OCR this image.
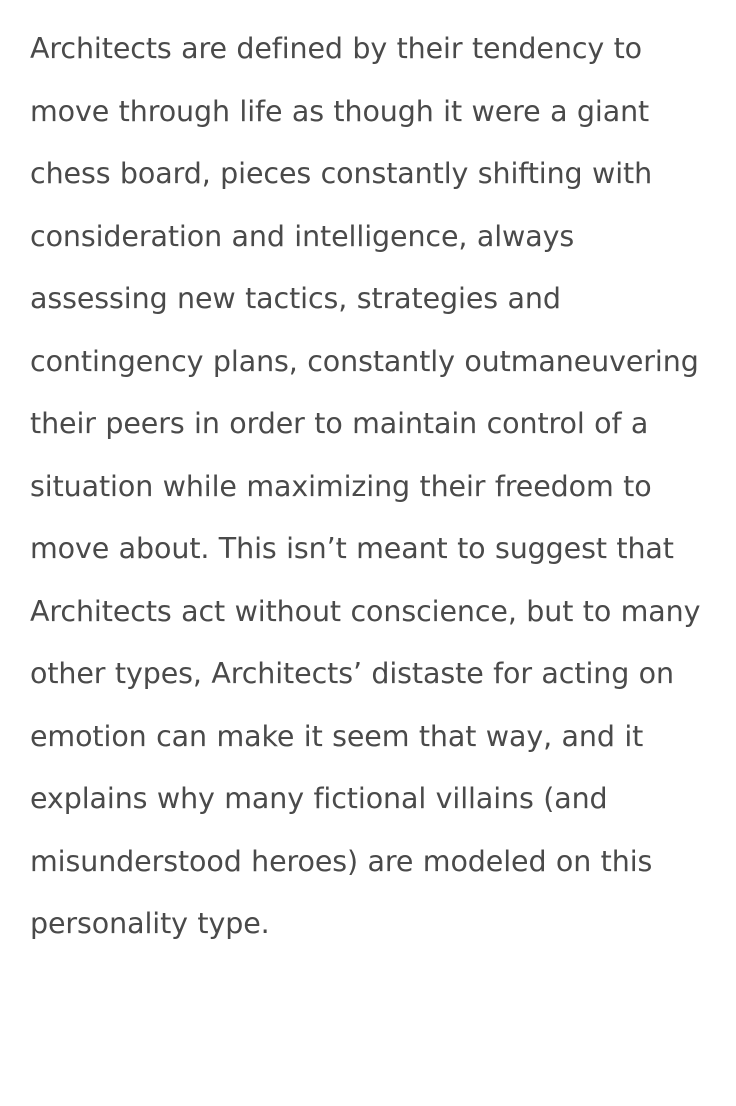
Architects are defined by their tendency to move through life as though it were a giant chess board, pieces constantly shifting with consideration and intelligence, always assessing new tactics, strategies and contingency plans, constantly outmaneuvering their peers in order to maintain control of a situation while maximizing their freedom to move about. This isn’t meant to suggest that Architects act without conscience, but to many other types, Architects’ distaste for acting on emotion can make it seem that way, and it explains why many fictional villains (and misunderstood heroes) are modeled on this personality type.
